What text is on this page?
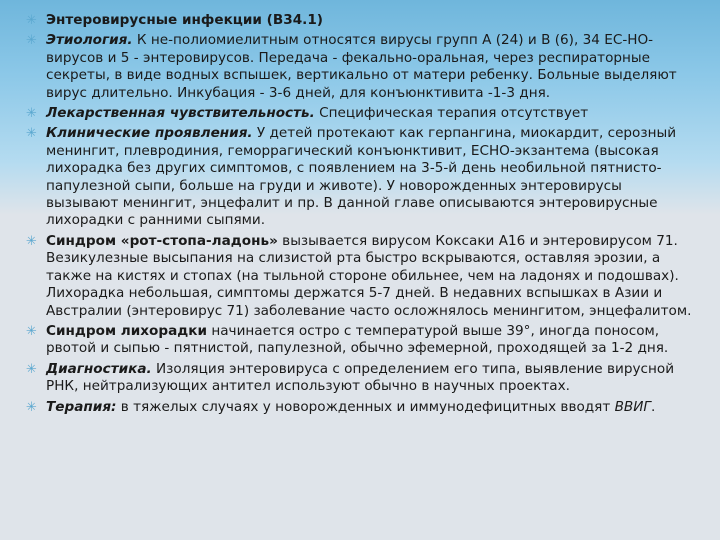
✳ Энтеровирусные инфекции (В34.1)
✳ Этиология. К не-полиомиелитным относятся вирусы групп А (24) и В (6), 34 ЕС-НО-вирусов и 5 - энтеровирусов. Передача - фекально-оральная, через респираторные секреты, в виде водных вспышек, вертикально от матери ребенку. Больные выделяют вирус длительно. Инкубация - 3-6 дней, для конъюнктивита -1-3 дня.
✳ Лекарственная чувствительность. Специфическая терапия отсутствует
✳ Клинические проявления. У детей протекают как герпангина, миокардит, серозный менингит, плевродиния, геморрагический конъюнктивит, ЕСНО-экзантема (высокая лихорадка без других симптомов, с появлением на 3-5-й день необильной пятнисто-папулезной сыпи, больше на груди и животе). У новорожденных энтеровирусы вызывают менингит, энцефалит и пр. В данной главе описываются энтеровирусные лихорадки с ранними сыпями.
✳ Синдром «рот-стопа-ладонь» вызывается вирусом Коксаки А16 и энтеровирусом 71. Везикулезные высыпания на слизистой рта быстро вскрываются, оставляя эрозии, а также на кистях и стопах (на тыльной стороне обильнее, чем на ладонях и подошвах). Лихорадка небольшая, симптомы держатся 5-7 дней. В недавних вспышках в Азии и Австралии (энтеровирус 71) заболевание часто осложнялось менингитом, энцефалитом.
✳ Синдром лихорадки начинается остро с температурой выше 39°, иногда поносом, рвотой и сыпью - пятнистой, папулезной, обычно эфемерной, проходящей за 1-2 дня.
✳ Диагностика. Изоляция энтеровируса с определением его типа, выявление вирусной РНК, нейтрализующих антител используют обычно в научных проектах.
✳ Терапия: в тяжелых случаях у новорожденных и иммунодефицитных вводят ВВИГ.
